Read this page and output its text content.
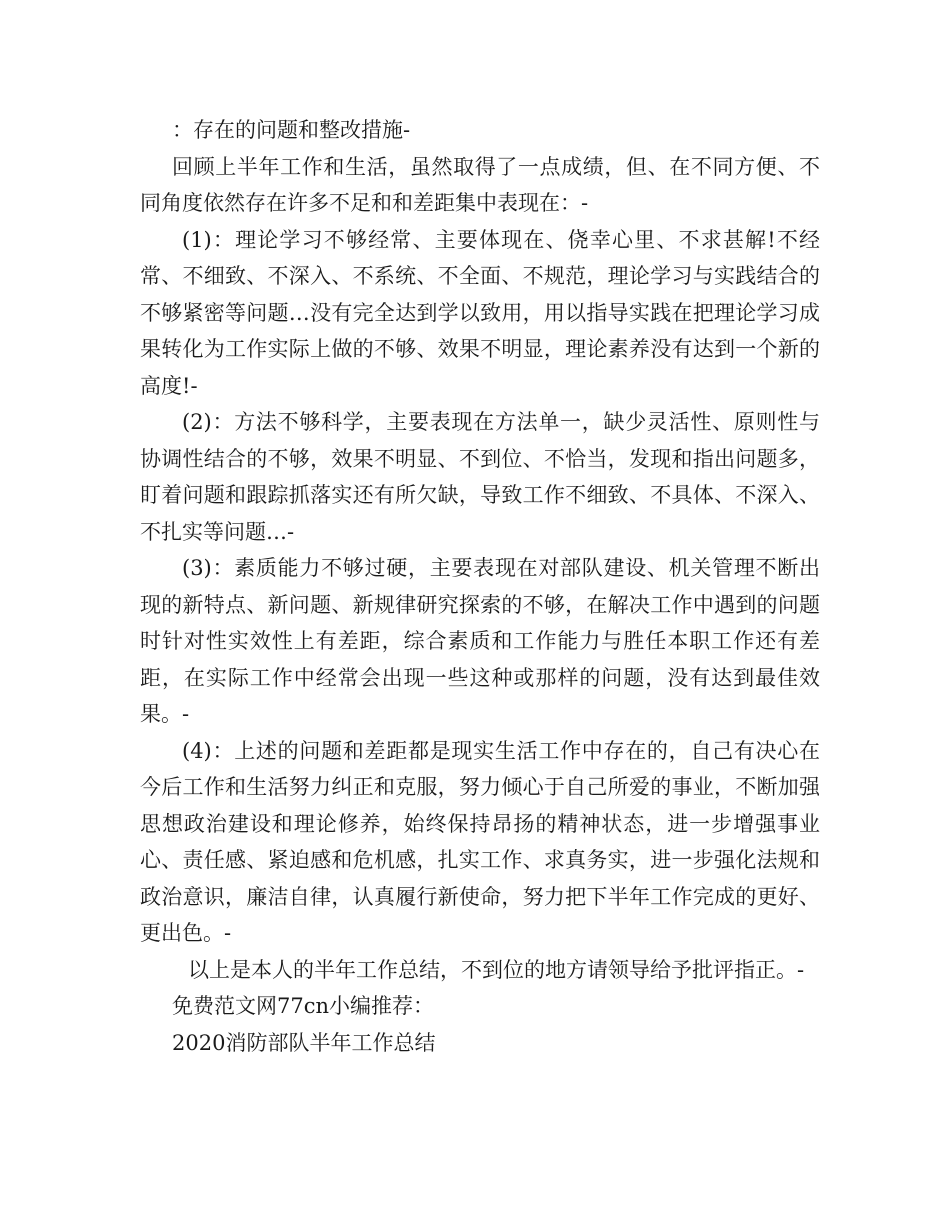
：存在的问题和整改措施-

回顾上半年工作和生活，虽然取得了一点成绩，但、在不同方便、不同角度依然存在许多不足和和差距集中表现在：-

(1)：理论学习不够经常、主要体现在、侥幸心里、不求甚解!不经常、不细致、不深入、不系统、不全面、不规范，理论学习与实践结合的不够紧密等问题…没有完全达到学以致用，用以指导实践在把理论学习成果转化为工作实际上做的不够、效果不明显，理论素养没有达到一个新的高度!-

(2)：方法不够科学，主要表现在方法单一，缺少灵活性、原则性与协调性结合的不够，效果不明显、不到位、不恰当，发现和指出问题多，盯着问题和跟踪抓落实还有所欠缺，导致工作不细致、不具体、不深入、不扎实等问题…-

(3)：素质能力不够过硬，主要表现在对部队建设、机关管理不断出现的新特点、新问题、新规律研究探索的不够，在解决工作中遇到的问题时针对性实效性上有差距，综合素质和工作能力与胜任本职工作还有差距，在实际工作中经常会出现一些这种或那样的问题，没有达到最佳效果。-

(4)：上述的问题和差距都是现实生活工作中存在的，自己有决心在今后工作和生活努力纠正和克服，努力倾心于自己所爱的事业，不断加强思想政治建设和理论修养，始终保持昂扬的精神状态，进一步增强事业心、责任感、紧迫感和危机感，扎实工作、求真务实，进一步强化法规和政治意识，廉洁自律，认真履行新使命，努力把下半年工作完成的更好、更出色。-

以上是本人的半年工作总结，不到位的地方请领导给予批评指正。-

免费范文网77cn小编推荐：

2020消防部队半年工作总结
